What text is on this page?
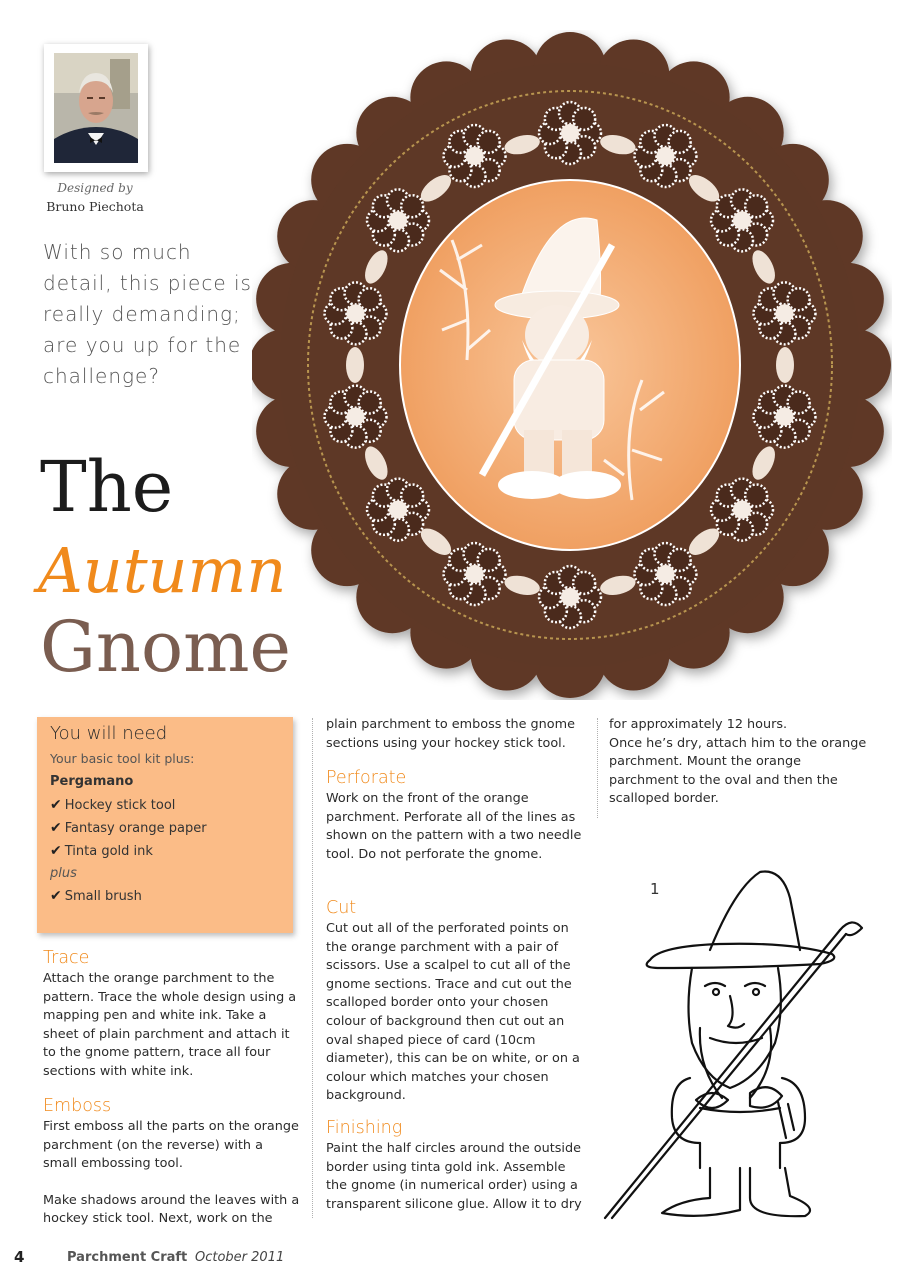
Designed by
Bruno Piechota
With so much detail, this piece is really demanding; are you up for the challenge?
The
Autumn
Gnome
You will need
Your basic tool kit plus:
Pergamano
✔ Hockey stick tool
✔ Fantasy orange paper
✔ Tinta gold ink
plus
✔ Small brush
Trace

Attach the orange parchment to the pattern. Trace the whole design using a mapping pen and white ink. Take a sheet of plain parchment and attach it to the gnome pattern, trace all four sections with white ink.

Emboss

First emboss all the parts on the orange parchment (on the reverse) with a small embossing tool.

Make shadows around the leaves with a hockey stick tool. Next, work on the

plain parchment to emboss the gnome sections using your hockey stick tool.

Perforate

Work on the front of the orange parchment. Perforate all of the lines as shown on the pattern with a two needle tool. Do not perforate the gnome.

Cut

Cut out all of the perforated points on the orange parchment with a pair of scissors. Use a scalpel to cut all of the gnome sections. Trace and cut out the scalloped border onto your chosen colour of background then cut out an oval shaped piece of card (10cm diameter), this can be on white, or on a colour which matches your chosen background.

Finishing

Paint the half circles around the outside border using tinta gold ink. Assemble the gnome (in numerical order) using a transparent silicone glue. Allow it to dry

for approximately 12 hours.

Once he’s dry, attach him to the orange parchment. Mount the orange parchment to the oval and then the scalloped border.

1
4	Parchment Craft October 2011
